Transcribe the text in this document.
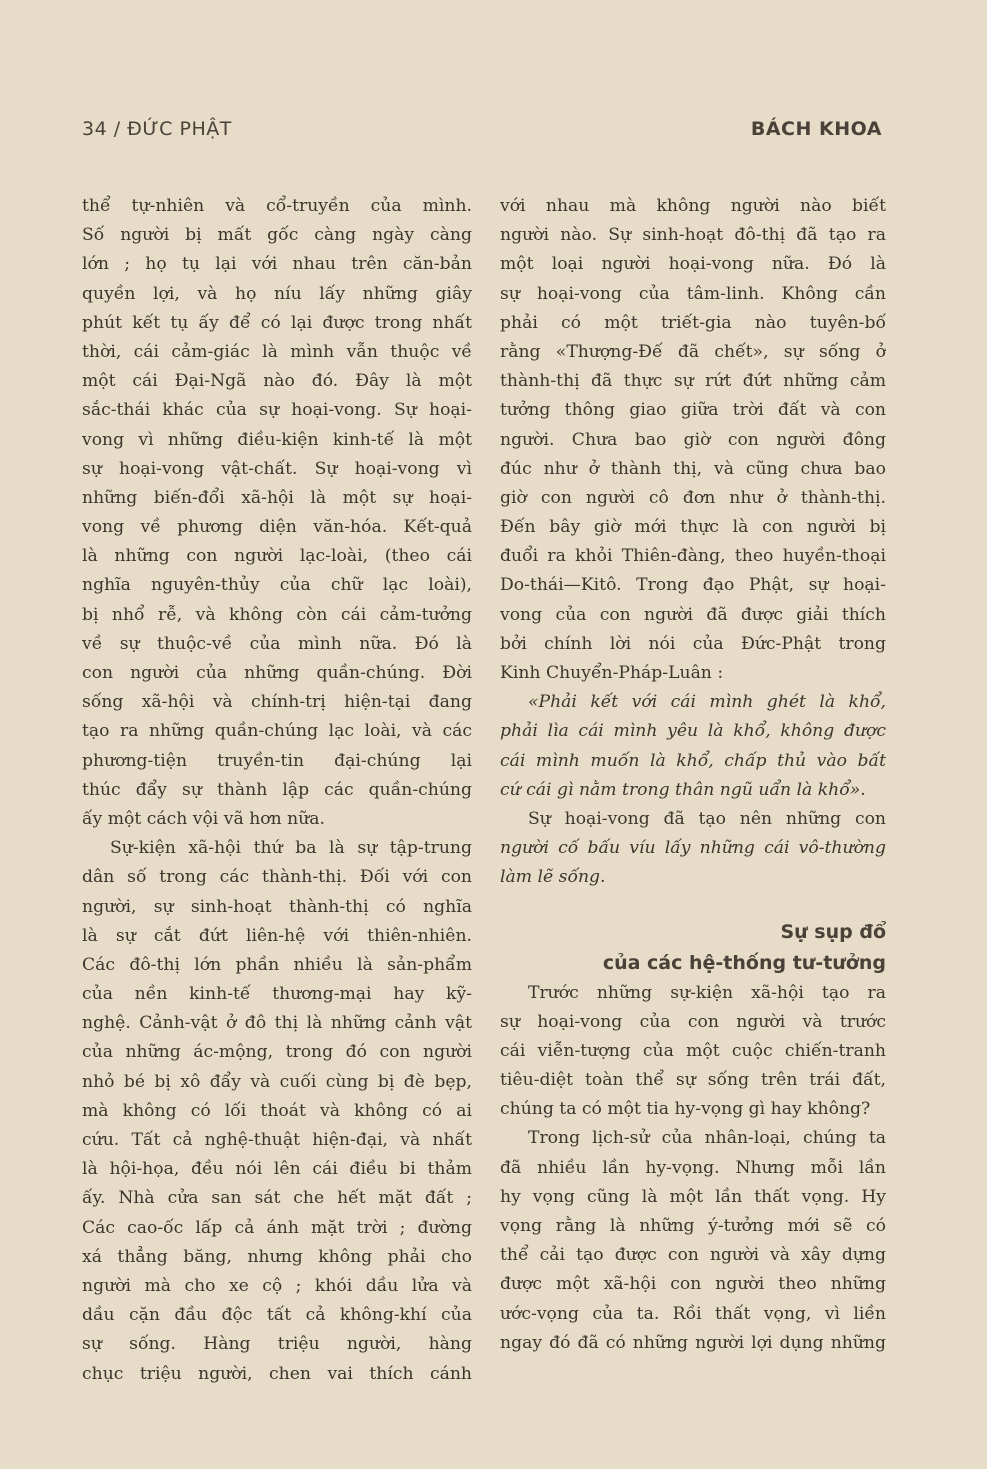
34 / ĐỨC PHẬT	BÁCH KHOA
thể tự-nhiên và cổ-truyền của mình.
Số người bị mất gốc càng ngày càng
lớn ; họ tụ lại với nhau trên căn-bản
quyền lợi, và họ níu lấy những giây
phút kết tụ ấy để có lại được trong nhất
thời, cái cảm-giác là mình vẫn thuộc về
một cái Đại-Ngã nào đó. Đây là một
sắc-thái khác của sự hoại-vong. Sự hoại-
vong vì những điều-kiện kinh-tế là một
sự hoại-vong vật-chất. Sự hoại-vong vì
những biến-đổi xã-hội là một sự hoại-
vong về phương diện văn-hóa. Kết-quả
là những con người lạc-loài, (theo cái
nghĩa nguyên-thủy của chữ lạc loài),
bị nhổ rễ, và không còn cái cảm-tưởng
về sự thuộc-về của mình nữa. Đó là
con người của những quần-chúng. Đời
sống xã-hội và chính-trị hiện-tại đang
tạo ra những quần-chúng lạc loài, và các
phương-tiện truyền-tin đại-chúng lại
thúc đẩy sự thành lập các quần-chúng
ấy một cách vội vã hơn nữa.
Sự-kiện xã-hội thứ ba là sự tập-trung
dân số trong các thành-thị. Đối với con
người, sự sinh-hoạt thành-thị có nghĩa
là sự cắt đứt liên-hệ với thiên-nhiên.
Các đô-thị lớn phần nhiều là sản-phẩm
của nền kinh-tế thương-mại hay kỹ-
nghệ. Cảnh-vật ở đô thị là những cảnh vật
của những ác-mộng, trong đó con người
nhỏ bé bị xô đẩy và cuối cùng bị đè bẹp,
mà không có lối thoát và không có ai
cứu. Tất cả nghệ-thuật hiện-đại, và nhất
là hội-họa, đều nói lên cái điều bi thảm
ấy. Nhà cửa san sát che hết mặt đất ;
Các cao-ốc lấp cả ánh mặt trời ; đường
xá thẳng băng, nhưng không phải cho
người mà cho xe cộ ; khói dầu lửa và
dầu cặn đầu độc tất cả không-khí của
sự sống. Hàng triệu người, hàng
chục triệu người, chen vai thích cánh
với nhau mà không người nào biết
người nào. Sự sinh-hoạt đô-thị đã tạo ra
một loại người hoại-vong nữa. Đó là
sự hoại-vong của tâm-linh. Không cần
phải có một triết-gia nào tuyên-bố
rằng «Thượng-Đế đã chết», sự sống ở
thành-thị đã thực sự rứt đứt những cảm
tưởng thông giao giữa trời đất và con
người. Chưa bao giờ con người đông
đúc như ở thành thị, và cũng chưa bao
giờ con người cô đơn như ở thành-thị.
Đến bây giờ mới thực là con người bị
đuổi ra khỏi Thiên-đàng, theo huyền-thoại
Do-thái—Kitô. Trong đạo Phật, sự hoại-
vong của con người đã được giải thích
bởi chính lời nói của Đức-Phật trong
Kinh Chuyển-Pháp-Luân :
«Phải kết với cái mình ghét là khổ,
phải lìa cái mình yêu là khổ, không được
cái mình muốn là khổ, chấp thủ vào bất
cứ cái gì nằm trong thân ngũ uẩn là khổ».
Sự hoại-vong đã tạo nên những con
người cố bấu víu lấy những cái vô-thường
làm lẽ sống.
Sự sụp đổ
của các hệ-thống tư-tưởng
Trước những sự-kiện xã-hội tạo ra
sự hoại-vong của con người và trước
cái viễn-tượng của một cuộc chiến-tranh
tiêu-diệt toàn thể sự sống trên trái đất,
chúng ta có một tia hy-vọng gì hay không?
Trong lịch-sử của nhân-loại, chúng ta
đã nhiều lần hy-vọng. Nhưng mỗi lần
hy vọng cũng là một lần thất vọng. Hy
vọng rằng là những ý-tưởng mới sẽ có
thể cải tạo được con người và xây dựng
được một xã-hội con người theo những
ước-vọng của ta. Rồi thất vọng, vì liền
ngay đó đã có những người lợi dụng những
